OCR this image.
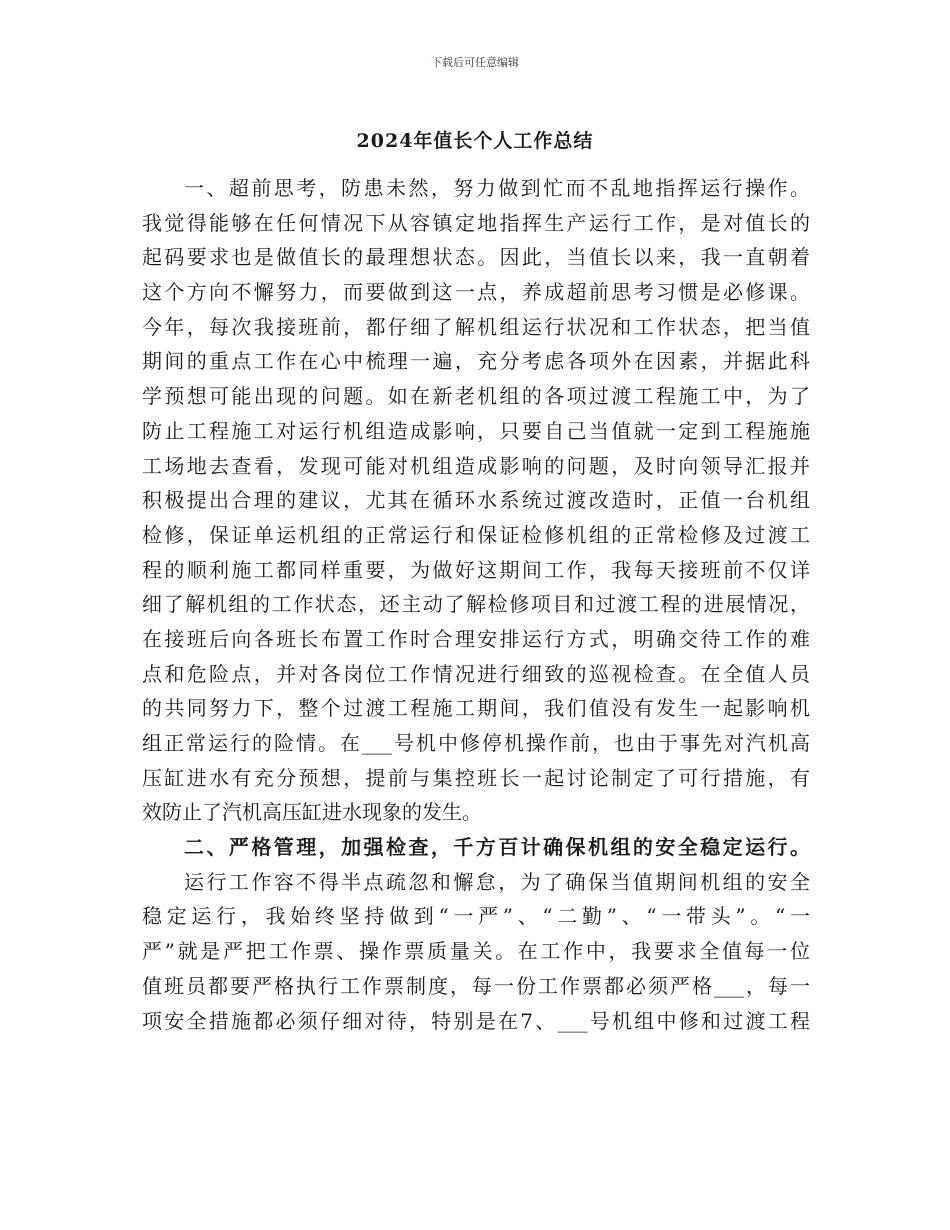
下载后可任意编辑
2024年值长个人工作总结
一、超前思考，防患未然，努力做到忙而不乱地指挥运行操作。
我觉得能够在任何情况下从容镇定地指挥生产运行工作，是对值长的
起码要求也是做值长的最理想状态。因此，当值长以来，我一直朝着
这个方向不懈努力，而要做到这一点，养成超前思考习惯是必修课。
今年，每次我接班前，都仔细了解机组运行状况和工作状态，把当值
期间的重点工作在心中梳理一遍，充分考虑各项外在因素，并据此科
学预想可能出现的问题。如在新老机组的各项过渡工程施工中，为了
防止工程施工对运行机组造成影响，只要自己当值就一定到工程施施
工场地去查看，发现可能对机组造成影响的问题，及时向领导汇报并
积极提出合理的建议，尤其在循环水系统过渡改造时，正值一台机组
检修，保证单运机组的正常运行和保证检修机组的正常检修及过渡工
程的顺利施工都同样重要，为做好这期间工作，我每天接班前不仅详
细了解机组的工作状态，还主动了解检修项目和过渡工程的进展情况，
在接班后向各班长布置工作时合理安排运行方式，明确交待工作的难
点和危险点，并对各岗位工作情况进行细致的巡视检查。在全值人员
的共同努力下，整个过渡工程施工期间，我们值没有发生一起影响机
组正常运行的险情。在___号机中修停机操作前，也由于事先对汽机高
压缸进水有充分预想，提前与集控班长一起讨论制定了可行措施，有
效防止了汽机高压缸进水现象的发生。
二、严格管理，加强检查，千方百计确保机组的安全稳定运行。
运行工作容不得半点疏忽和懈怠，为了确保当值期间机组的安全
稳定运行，我始终坚持做到“一严”、“二勤”、“一带头”。“一
严”就是严把工作票、操作票质量关。在工作中，我要求全值每一位
值班员都要严格执行工作票制度，每一份工作票都必须严格___，每一
项安全措施都必须仔细对待，特别是在7、___号机组中修和过渡工程
